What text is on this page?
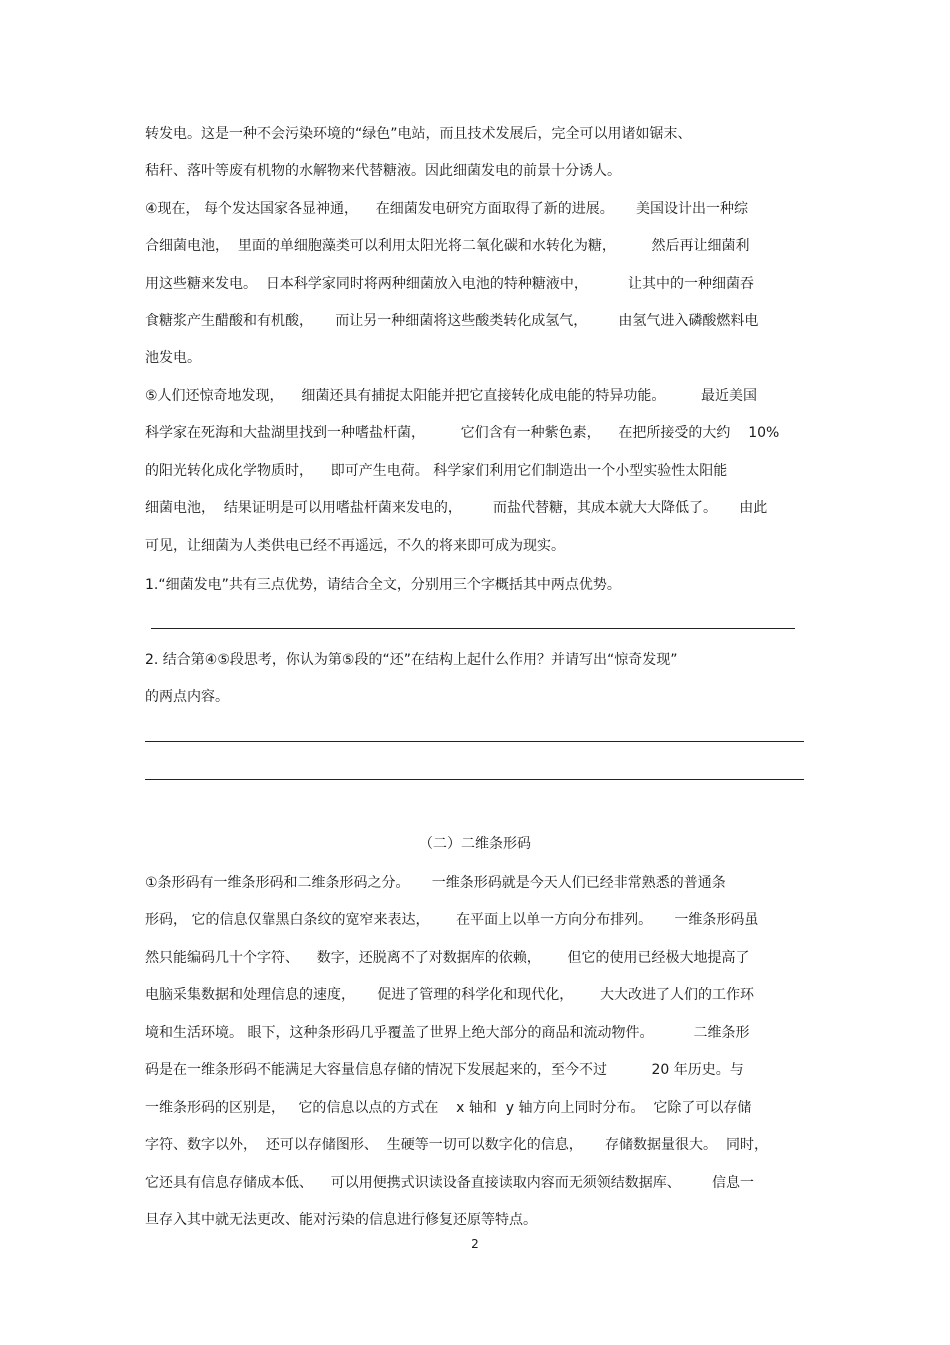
转发电。这是一种不会污染环境的“绿色”电站，而且技术发展后，完全可以用诸如锯末、
秸秆、落叶等废有机物的水解物来代替糖液。因此细菌发电的前景十分诱人。
④现在， 每个发达国家各显神通，    在细菌发电研究方面取得了新的进展。     美国设计出一种综
合细菌电池，  里面的单细胞藻类可以利用太阳光将二氧化碳和水转化为糖，        然后再让细菌利
用这些糖来发电。  日本科学家同时将两种细菌放入电池的特种糖液中，         让其中的一种细菌吞
食糖浆产生醋酸和有机酸，     而让另一种细菌将这些酸类转化成氢气，       由氢气进入磷酸燃料电
池发电。
⑤人们还惊奇地发现，    细菌还具有捕捉太阳能并把它直接转化成电能的特异功能。        最近美国
科学家在死海和大盐湖里找到一种嗜盐杆菌，        它们含有一种紫色素，    在把所接受的大约    10%
的阳光转化成化学物质时，    即可产生电荷。 科学家们利用它们制造出一个小型实验性太阳能
细菌电池，  结果证明是可以用嗜盐杆菌来发电的，       而盐代替糖，其成本就大大降低了。     由此
可见，让细菌为人类供电已经不再遥远，不久的将来即可成为现实。
1.“细菌发电”共有三点优势，请结合全文，分别用三个字概括其中两点优势。
2. 结合第④⑤段思考，你认为第⑤段的“还”在结构上起什么作用？并请写出“惊奇发现”
的两点内容。
（二）二维条形码
①条形码有一维条形码和二维条形码之分。     一维条形码就是今天人们已经非常熟悉的普通条
形码， 它的信息仅靠黑白条纹的宽窄来表达，      在平面上以单一方向分布排列。     一维条形码虽
然只能编码几十个字符、    数字，还脱离不了对数据库的依赖，      但它的使用已经极大地提高了
电脑采集数据和处理信息的速度，     促进了管理的科学化和现代化，      大大改进了人们的工作环
境和生活环境。 眼下，这种条形码几乎覆盖了世界上绝大部分的商品和流动物件。         二维条形
码是在一维条形码不能满足大容量信息存储的情况下发展起来的，至今不过          20 年历史。与
一维条形码的区别是，   它的信息以点的方式在    x 轴和  y 轴方向上同时分布。  它除了可以存储
字符、数字以外，  还可以存储图形、  生硬等一切可以数字化的信息，     存储数据量很大。  同时，
它还具有信息存储成本低、    可以用便携式识读设备直接读取内容而无须领结数据库、       信息一
旦存入其中就无法更改、能对污染的信息进行修复还原等特点。
2
